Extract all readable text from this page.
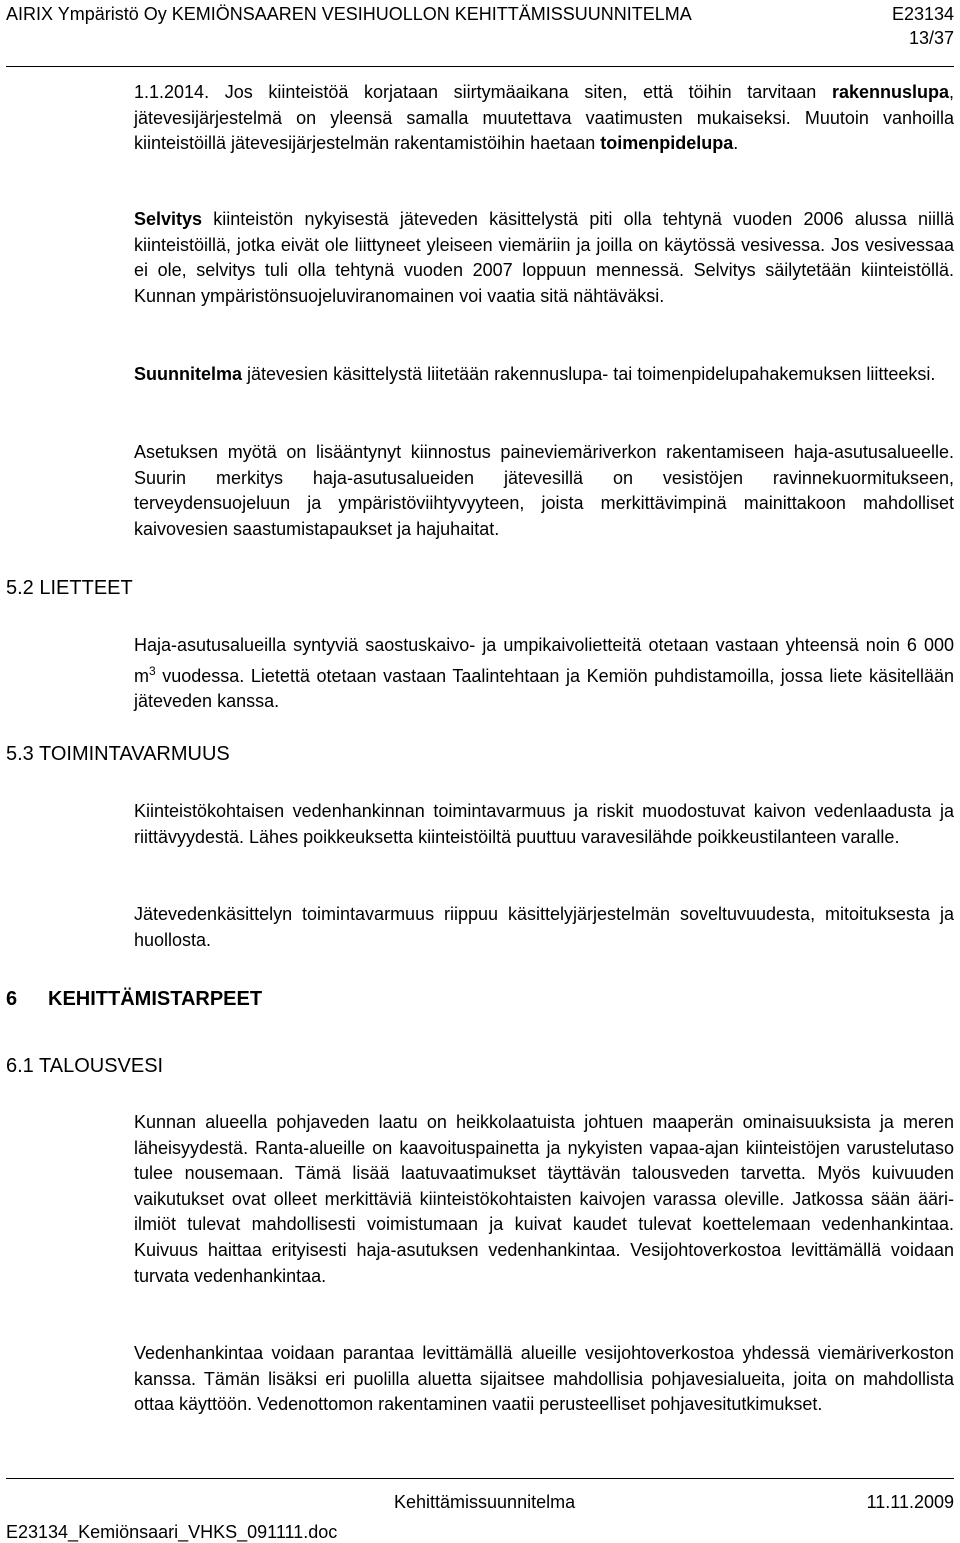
AIRIX Ympäristö Oy KEMIÖNSAAREN VESIHUOLLON KEHITTÄMISSUUNNITELMA	E23134
13/37
1.1.2014. Jos kiinteistöä korjataan siirtymäaikana siten, että töihin tarvitaan rakennuslupa, jätevesijärjestelmä on yleensä samalla muutettava vaatimusten mukaiseksi. Muutoin vanhoilla kiinteistöillä jätevesijärjestelmän rakentamistöihin haetaan toimenpidelupa.
Selvitys kiinteistön nykyisestä jäteveden käsittelystä piti olla tehtynä vuoden 2006 alussa niillä kiinteistöillä, jotka eivät ole liittyneet yleiseen viemäriin ja joilla on käytössä vesivessa. Jos vesivessaa ei ole, selvitys tuli olla tehtynä vuoden 2007 loppuun mennessä. Selvitys säilytetään kiinteistöllä. Kunnan ympäristönsuojeluviranomainen voi vaatia sitä nähtäväksi.
Suunnitelma jätevesien käsittelystä liitetään rakennuslupa- tai toimenpidelupahakemuksen liitteeksi.
Asetuksen myötä on lisääntynyt kiinnostus paineviemäriverkon rakentamiseen haja-asutusalueelle. Suurin merkitys haja-asutusalueiden jätevesillä on vesistöjen ravinnekuormitukseen, terveydensuojeluun ja ympäristöviihtyvyyteen, joista merkittävimpinä mainittakoon mahdolliset kaivovesien saastumistapaukset ja hajuhaitat.
5.2 LIETTEET
Haja-asutusalueilla syntyviä saostuskaivo- ja umpikaivolietteitä otetaan vastaan yhteensä noin 6 000 $m^3$ vuodessa. Lietettä otetaan vastaan Taalintehtaan ja Kemiön puhdistamoilla, jossa liete käsitellään jäteveden kanssa.
5.3 TOIMINTAVARMUUS
Kiinteistökohtaisen vedenhankinnan toimintavarmuus ja riskit muodostuvat kaivon vedenlaadusta ja riittävyydestä. Lähes poikkeuksetta kiinteistöiltä puuttuu varavesilähde poikkeustilanteen varalle.
Jätevedenkäsittelyn toimintavarmuus riippuu käsittelyjärjestelmän soveltuvuudesta, mitoituksesta ja huollosta.
6 KEHITTÄMISTARPEET
6.1 TALOUSVESI
Kunnan alueella pohjaveden laatu on heikkolaatuista johtuen maaperän ominaisuuksista ja meren läheisyydestä. Ranta-alueille on kaavoituspainetta ja nykyisten vapaa-ajan kiinteistöjen varustelutaso tulee nousemaan. Tämä lisää laatuvaatimukset täyttävän talousveden tarvetta. Myös kuivuuden vaikutukset ovat olleet merkittäviä kiinteistökohtaisten kaivojen varassa oleville. Jatkossa sään ääri-ilmiöt tulevat mahdollisesti voimistumaan ja kuivat kaudet tulevat koettelemaan vedenhankintaa. Kuivuus haittaa erityisesti haja-asutuksen vedenhankintaa. Vesijohtoverkostoa levittämällä voidaan turvata vedenhankintaa.
Vedenhankintaa voidaan parantaa levittämällä alueille vesijohtoverkostoa yhdessä viemäriverkoston kanssa. Tämän lisäksi eri puolilla aluetta sijaitsee mahdollisia pohjavesialueita, joita on mahdollista ottaa käyttöön. Vedenottomon rakentaminen vaatii perusteelliset pohjavesitutkimukset.
Kehittämissuunnitelma	11.11.2009
E23134_Kemiönsaari_VHKS_091111.doc
